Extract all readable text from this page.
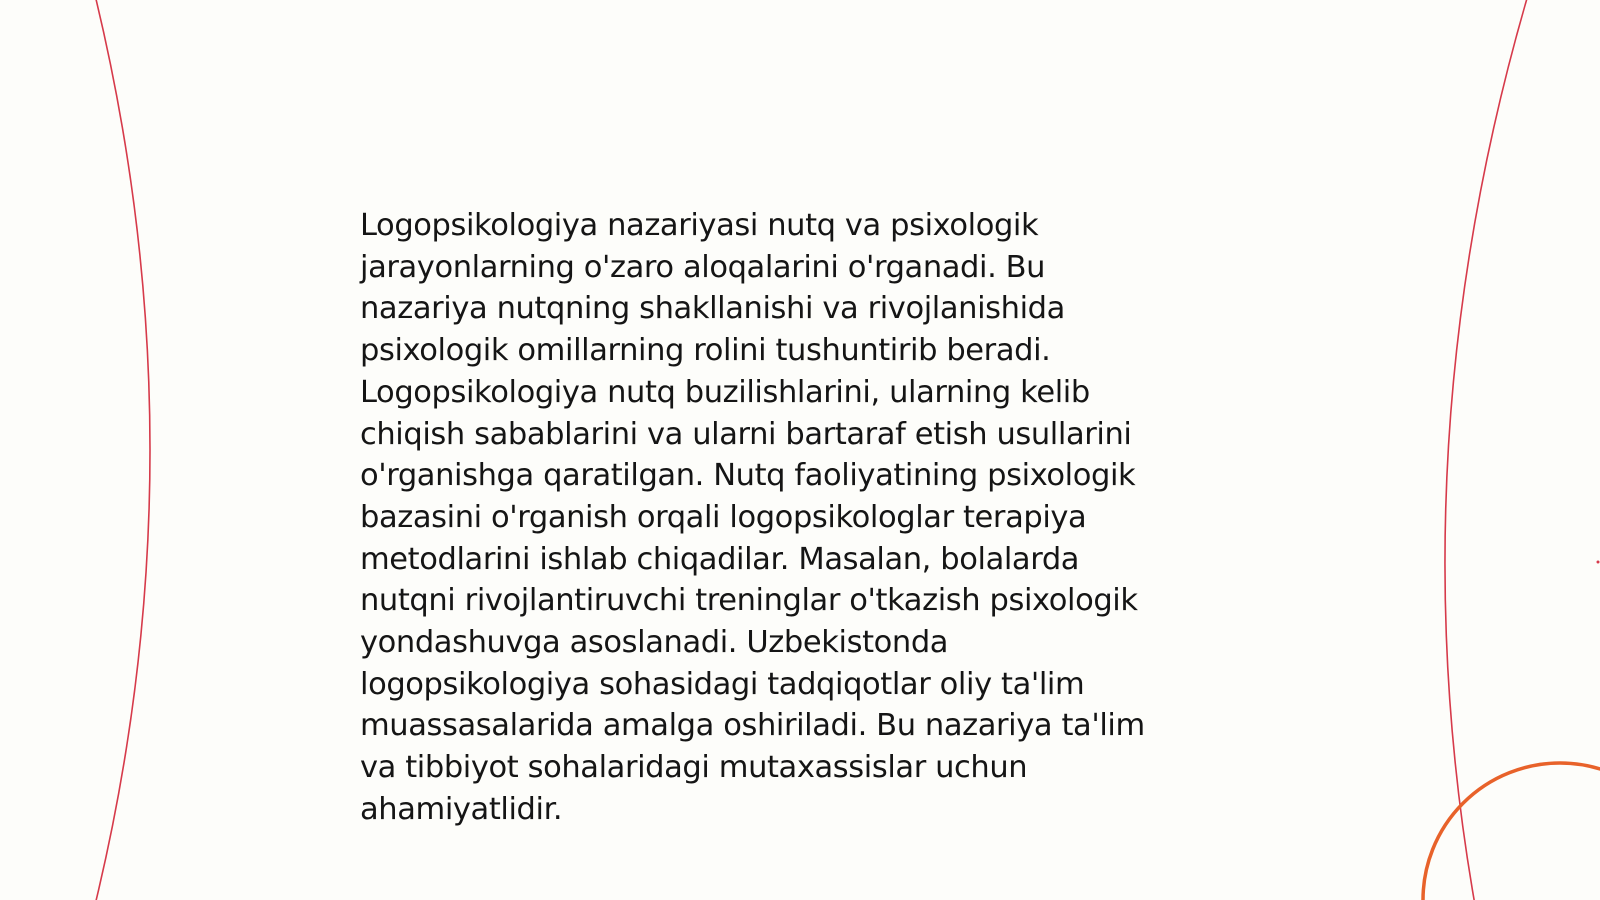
Logopsikologiya nazariyasi nutq va psixologik
jarayonlarning o'zaro aloqalarini o'rganadi. Bu
nazariya nutqning shakllanishi va rivojlanishida
psixologik omillarning rolini tushuntirib beradi.
Logopsikologiya nutq buzilishlarini, ularning kelib
chiqish sabablarini va ularni bartaraf etish usullarini
o'rganishga qaratilgan. Nutq faoliyatining psixologik
bazasini o'rganish orqali logopsikologlar terapiya
metodlarini ishlab chiqadilar. Masalan, bolalarda
nutqni rivojlantiruvchi treninglar o'tkazish psixologik
yondashuvga asoslanadi. Uzbekistonda
logopsikologiya sohasidagi tadqiqotlar oliy ta'lim
muassasalarida amalga oshiriladi. Bu nazariya ta'lim
va tibbiyot sohalaridagi mutaxassislar uchun
ahamiyatlidir.
